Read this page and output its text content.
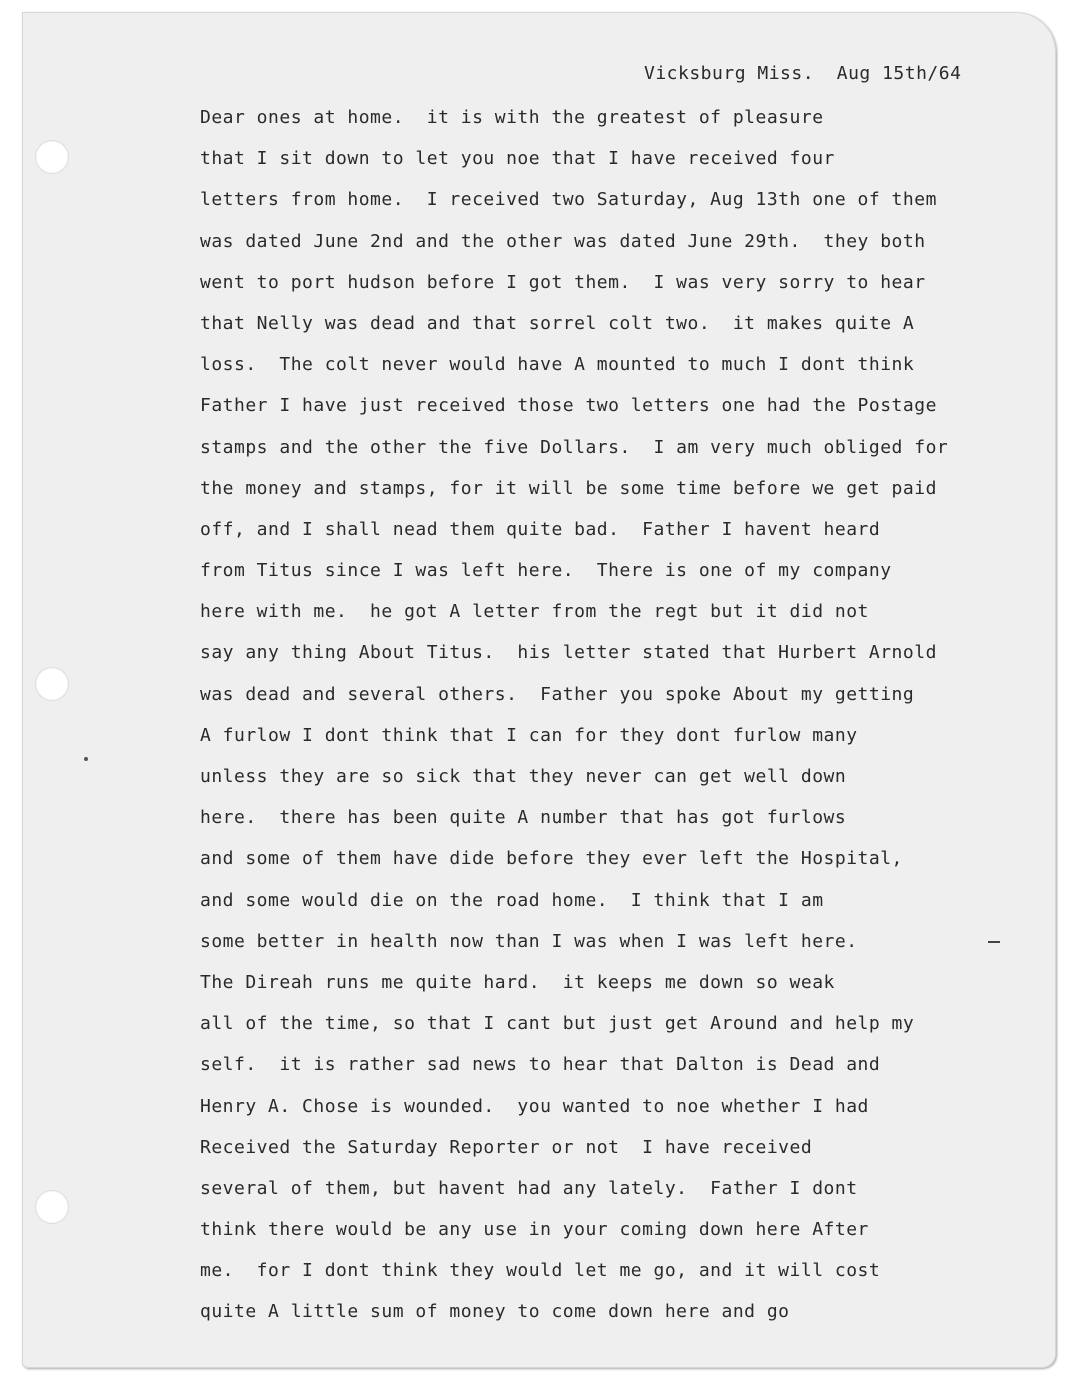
Vicksburg Miss.  Aug 15th/64
Dear ones at home.  it is with the greatest of pleasure
that I sit down to let you noe that I have received four
letters from home.  I received two Saturday, Aug 13th one of them
was dated June 2nd and the other was dated June 29th.  they both
went to port hudson before I got them.  I was very sorry to hear
that Nelly was dead and that sorrel colt two.  it makes quite A
loss.  The colt never would have A mounted to much I dont think
Father I have just received those two letters one had the Postage
stamps and the other the five Dollars.  I am very much obliged for
the money and stamps, for it will be some time before we get paid
off, and I shall nead them quite bad.  Father I havent heard
from Titus since I was left here.  There is one of my company
here with me.  he got A letter from the regt but it did not
say any thing About Titus.  his letter stated that Hurbert Arnold
was dead and several others.  Father you spoke About my getting
A furlow I dont think that I can for they dont furlow many
unless they are so sick that they never can get well down
here.  there has been quite A number that has got furlows
and some of them have dide before they ever left the Hospital,
and some would die on the road home.  I think that I am
some better in health now than I was when I was left here.
The Direah runs me quite hard.  it keeps me down so weak
all of the time, so that I cant but just get Around and help my
self.  it is rather sad news to hear that Dalton is Dead and
Henry A. Chose is wounded.  you wanted to noe whether I had
Received the Saturday Reporter or not  I have received
several of them, but havent had any lately.  Father I dont
think there would be any use in your coming down here After
me.  for I dont think they would let me go, and it will cost
quite A little sum of money to come down here and go
